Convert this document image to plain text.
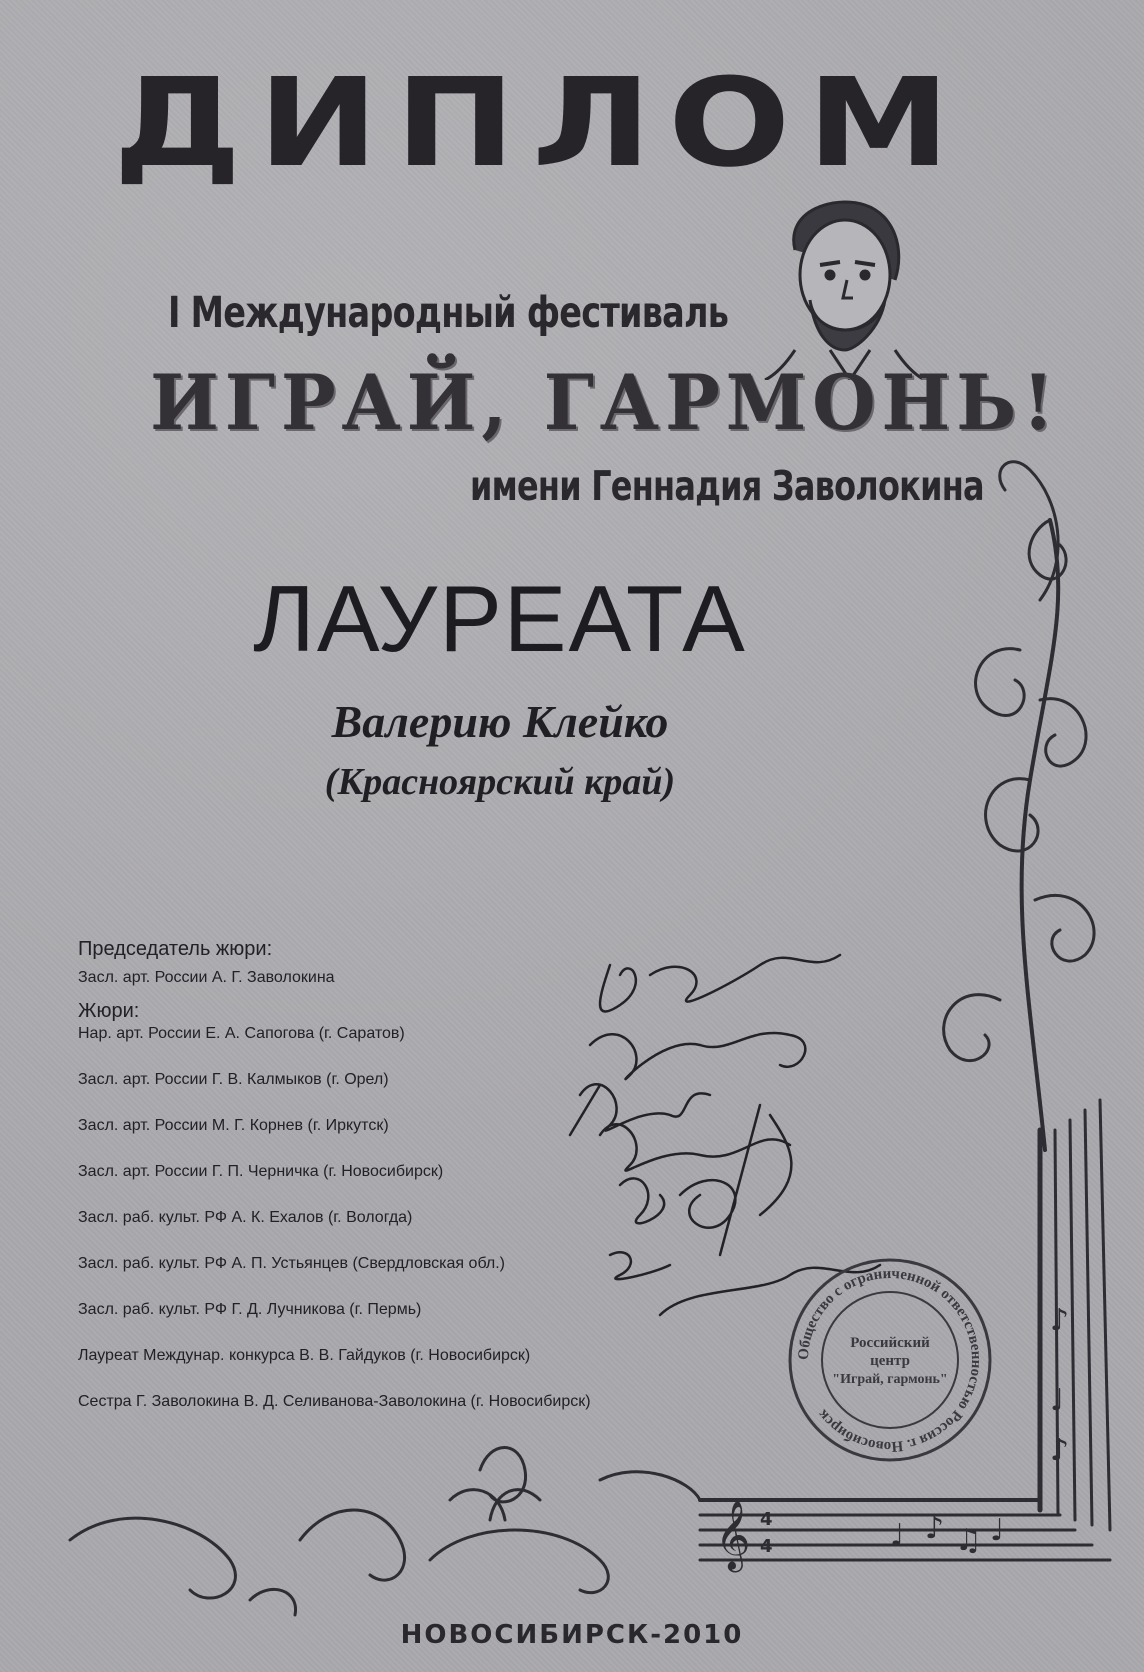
𝄞 4
4	♩ ♪ ♫ ♩
♪
♩
♪
ДИПЛОМ
I Международный фестиваль
ИГРАЙ, ГАРМОНЬ!
имени Геннадия Заволокина
ЛАУРЕАТА
Валерию Клейко
(Красноярский край)
Председатель жюри:
Засл. арт. России А. Г. Заволокина
Жюри:
Нар. арт. России Е. А. Сапогова (г. Саратов)
Засл. арт. России Г. В. Калмыков (г. Орел)
Засл. арт. России М. Г. Корнев (г. Иркутск)
Засл. арт. России Г. П. Черничка (г. Новосибирск)
Засл. раб. культ. РФ А. К. Ехалов (г. Вологда)
Засл. раб. культ. РФ А. П. Устьянцев (Свердловская обл.)
Засл. раб. культ. РФ Г. Д. Лучникова (г. Пермь)
Лауреат Междунар. конкурса В. В. Гайдуков (г. Новосибирск)
Сестра Г. Заволокина В. Д. Селиванова-Заволокина (г. Новосибирск)
Общество с ограниченной ответственностью Россия г. Новосибирск
Российский
центр
"Играй, гармонь"
НОВОСИБИРСК-2010
